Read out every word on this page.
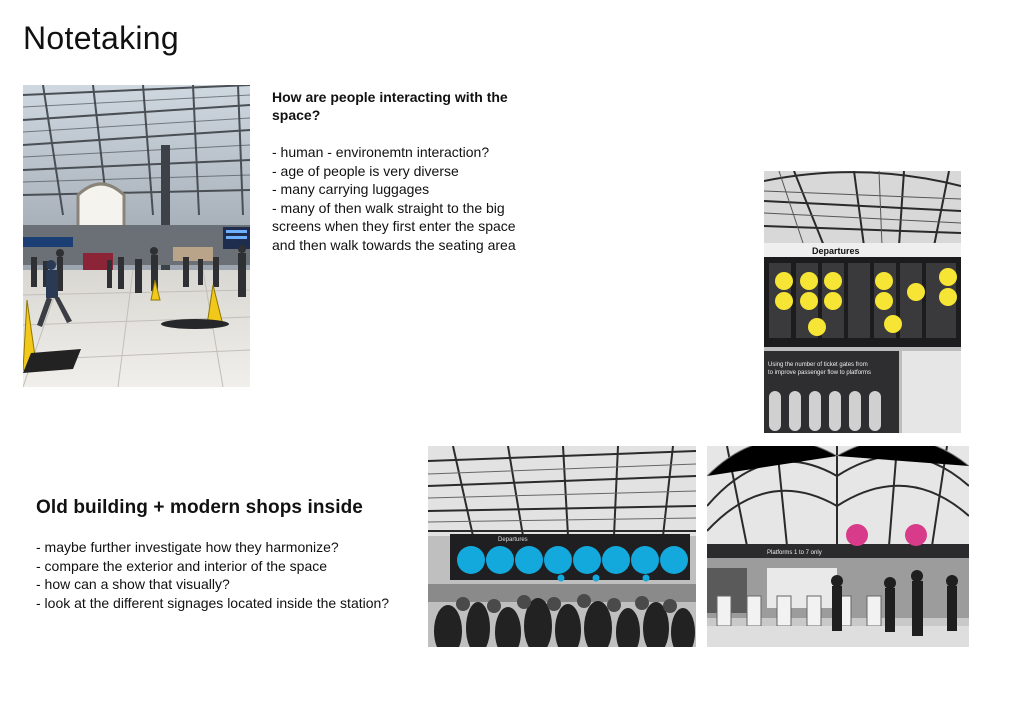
Notetaking
How are people interacting with the space?
- human - environemtn interaction?
- age of people is very diverse
- many carrying luggages
- many of then walk straight to the big screens when they first enter the space and then walk towards the seating area	Departures
Using the number of ticket gates from
to improve passenger flow to platforms
Old building + modern shops inside
- maybe further investigate how they harmonize?
- compare the exterior and interior of the space
- how can a show that visually?
- look at the different signages located inside the station?
Departures
Platforms 1 to 7 only
